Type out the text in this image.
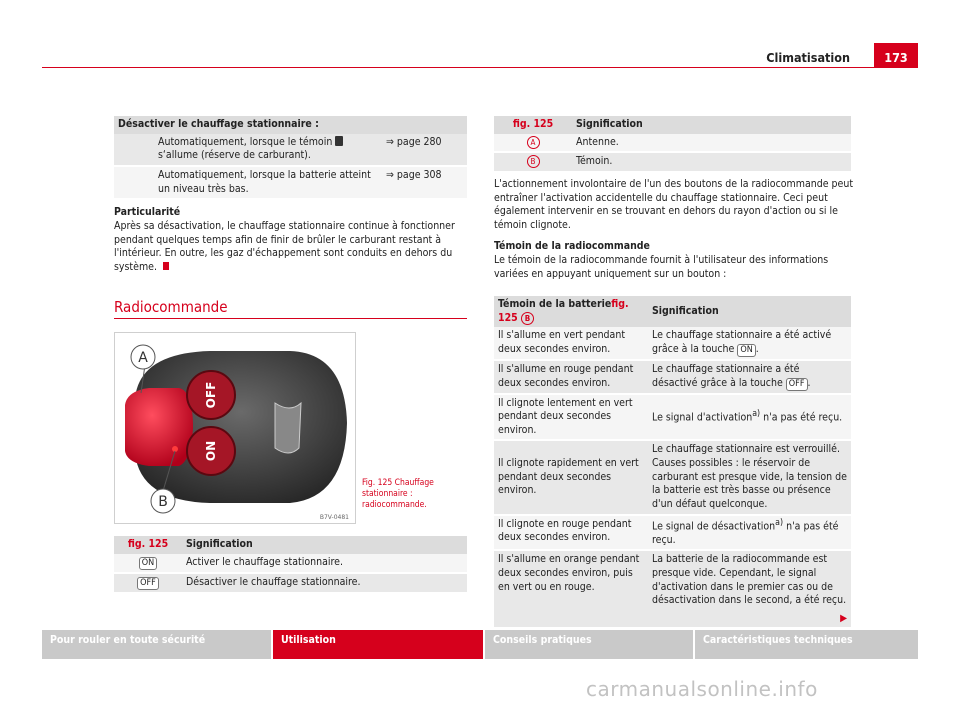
Climatisation	173
Désactiver le chauffage stationnaire :		
	Automatiquement, lorsque le témoin  s‘allume (réserve de carburant).	⇒ page 280
	Automatiquement, lorsque la batterie atteint un niveau très bas.	⇒ page 308
Particularité
Après sa désactivation, le chauffage stationnaire continue à fonctionner pendant quelques temps afin de finir de brûler le carburant restant à l'intérieur. En outre, les gaz d'échappement sont conduits en dehors du système.
Radiocommande
OFF
ON
A
B
B7V-0481
Fig. 125 Chauffage stationnaire : radiocommande.
fig. 125	Signification
ON	Activer le chauffage stationnaire.
OFF	Désactiver le chauffage stationnaire.
fig. 125	Signification
A	Antenne.
B	Témoin.
L'actionnement involontaire de l'un des boutons de la radiocommande peut entraîner l'activation accidentelle du chauffage stationnaire. Ceci peut également intervenir en se trouvant en dehors du rayon d'action ou si le témoin clignote.
Témoin de la radiocommande
Le témoin de la radiocommande fournit à l'utilisateur des informations variées en appuyant uniquement sur un bouton :
Témoin de la batteriefig. 125 B	Signification
Il s'allume en vert pendant deux secondes environ.	Le chauffage stationnaire a été activé grâce à la touche ON .
Il s'allume en rouge pendant deux secondes environ.	Le chauffage stationnaire a été désactivé grâce à la touche OFF .
Il clignote lentement en vert pendant deux secondes environ.	Le signal d'activation$^{a)}$ n'a pas été reçu.
Il clignote rapidement en vert pendant deux secondes environ.	Le chauffage stationnaire est verrouillé. Causes possibles : le réservoir de carburant est presque vide, la tension de la batterie est très basse ou présence d'un défaut quelconque.
Il clignote en rouge pendant deux secondes environ.	Le signal de désactivation$^{a)}$ n'a pas été reçu.
Il s'allume en orange pendant deux secondes environ, puis en vert ou en rouge.	La batterie de la radiocommande est presque vide. Cependant, le signal d'activation dans le premier cas ou de désactivation dans le second, a été reçu.
▶
Pour rouler en toute sécurité	Utilisation	Conseils pratiques	Caractéristiques techniques
carmanualsonline.info
